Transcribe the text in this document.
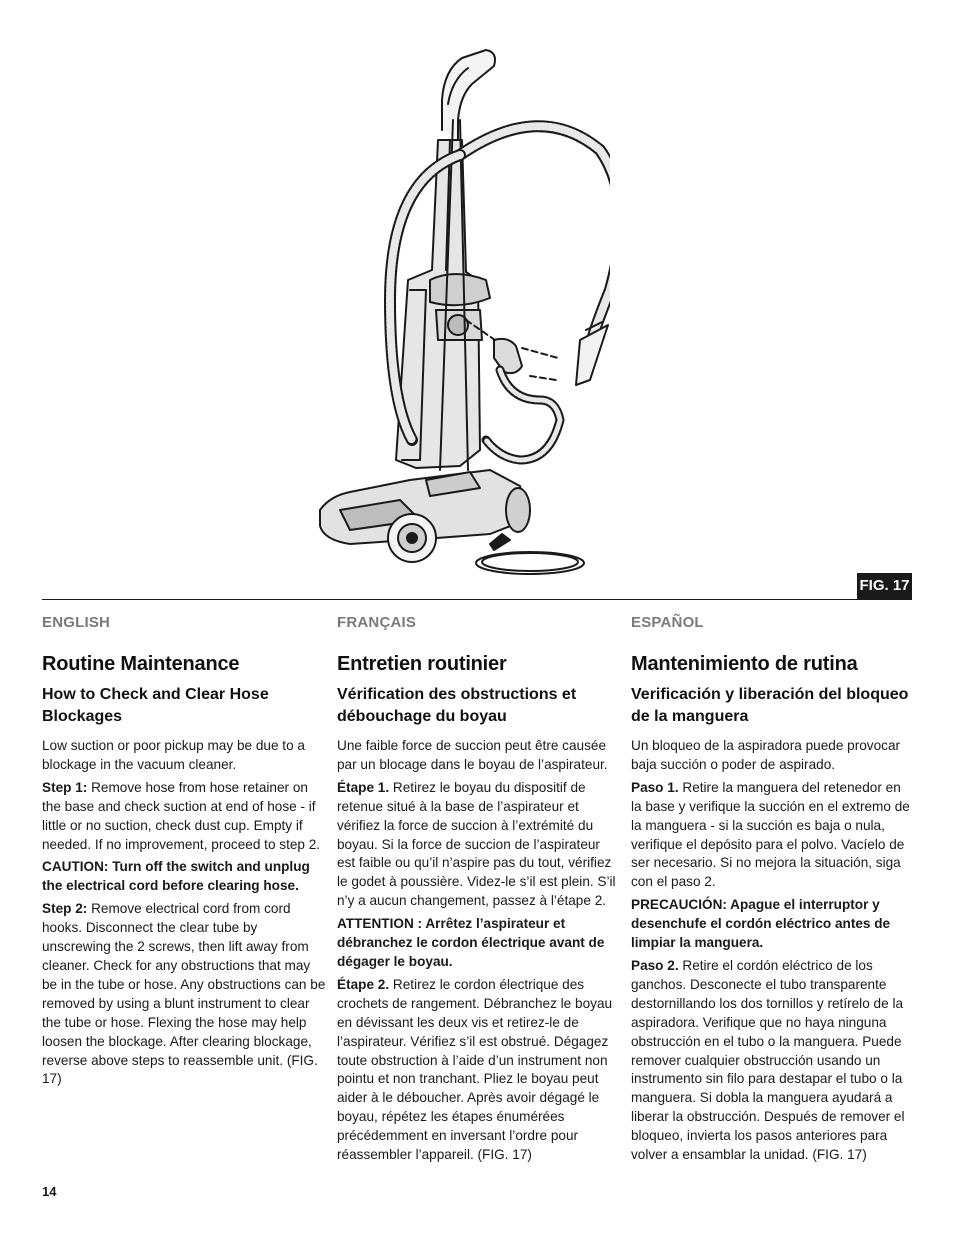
FIG. 17
ENGLISH
Routine Maintenance
How to Check and Clear Hose Blockages

Low suction or poor pickup may be due to a blockage in the vacuum cleaner.

Step 1: Remove hose from hose retainer on the base and check suction at end of hose - if little or no suction, check dust cup. Empty if needed. If no improvement, proceed to step 2.

CAUTION: Turn off the switch and unplug the electrical cord before clearing hose.

Step 2: Remove electrical cord from cord hooks. Disconnect the clear tube by unscrewing the 2 screws, then lift away from cleaner. Check for any obstructions that may be in the tube or hose. Any obstructions can be removed by using a blunt instrument to clear the tube or hose. Flexing the hose may help loosen the blockage. After clearing blockage, reverse above steps to reassemble unit. (FIG. 17)

FRANÇAIS
Entretien routinier
Vérification des obstructions et débouchage du boyau

Une faible force de succion peut être causée par un blocage dans le boyau de l’aspirateur.

Étape 1. Retirez le boyau du dispositif de retenue situé à la base de l’aspirateur et vérifiez la force de succion à l’extrémité du boyau. Si la force de succion de l’aspirateur est faible ou qu’il n’aspire pas du tout, vérifiez le godet à poussière. Videz-le s’il est plein. S’il n’y a aucun changement, passez à l’étape 2.

ATTENTION : Arrêtez l’aspirateur et débranchez le cordon électrique avant de dégager le boyau.

Étape 2. Retirez le cordon électrique des crochets de rangement. Débranchez le boyau en dévissant les deux vis et retirez-le de l’aspirateur. Vérifiez s’il est obstrué. Dégagez toute obstruction à l’aide d’un instrument non pointu et non tranchant. Pliez le boyau peut aider à le déboucher. Après avoir dégagé le boyau, répétez les étapes énumérées précédemment en inversant l’ordre pour réassembler l’appareil. (FIG. 17)

ESPAÑOL
Mantenimiento de rutina
Verificación y liberación del bloqueo de la manguera

Un bloqueo de la aspiradora puede provocar baja succión o poder de aspirado.

Paso 1. Retire la manguera del retenedor en la base y verifique la succión en el extremo de la manguera - si la succión es baja o nula, verifique el depósito para el polvo. Vacíelo de ser necesario. Si no mejora la situación, siga con el paso 2.

PRECAUCIÓN: Apague el interruptor y desenchufe el cordón eléctrico antes de limpiar la manguera.

Paso 2. Retire el cordón eléctrico de los ganchos. Desconecte el tubo transparente destornillando los dos tornillos y retírelo de la aspiradora. Verifique que no haya ninguna obstrucción en el tubo o la manguera. Puede remover cualquier obstrucción usando un instrumento sin filo para destapar el tubo o la manguera. Si dobla la manguera ayudará a liberar la obstrucción. Después de remover el bloqueo, invierta los pasos anteriores para volver a ensamblar la unidad. (FIG. 17)

14
